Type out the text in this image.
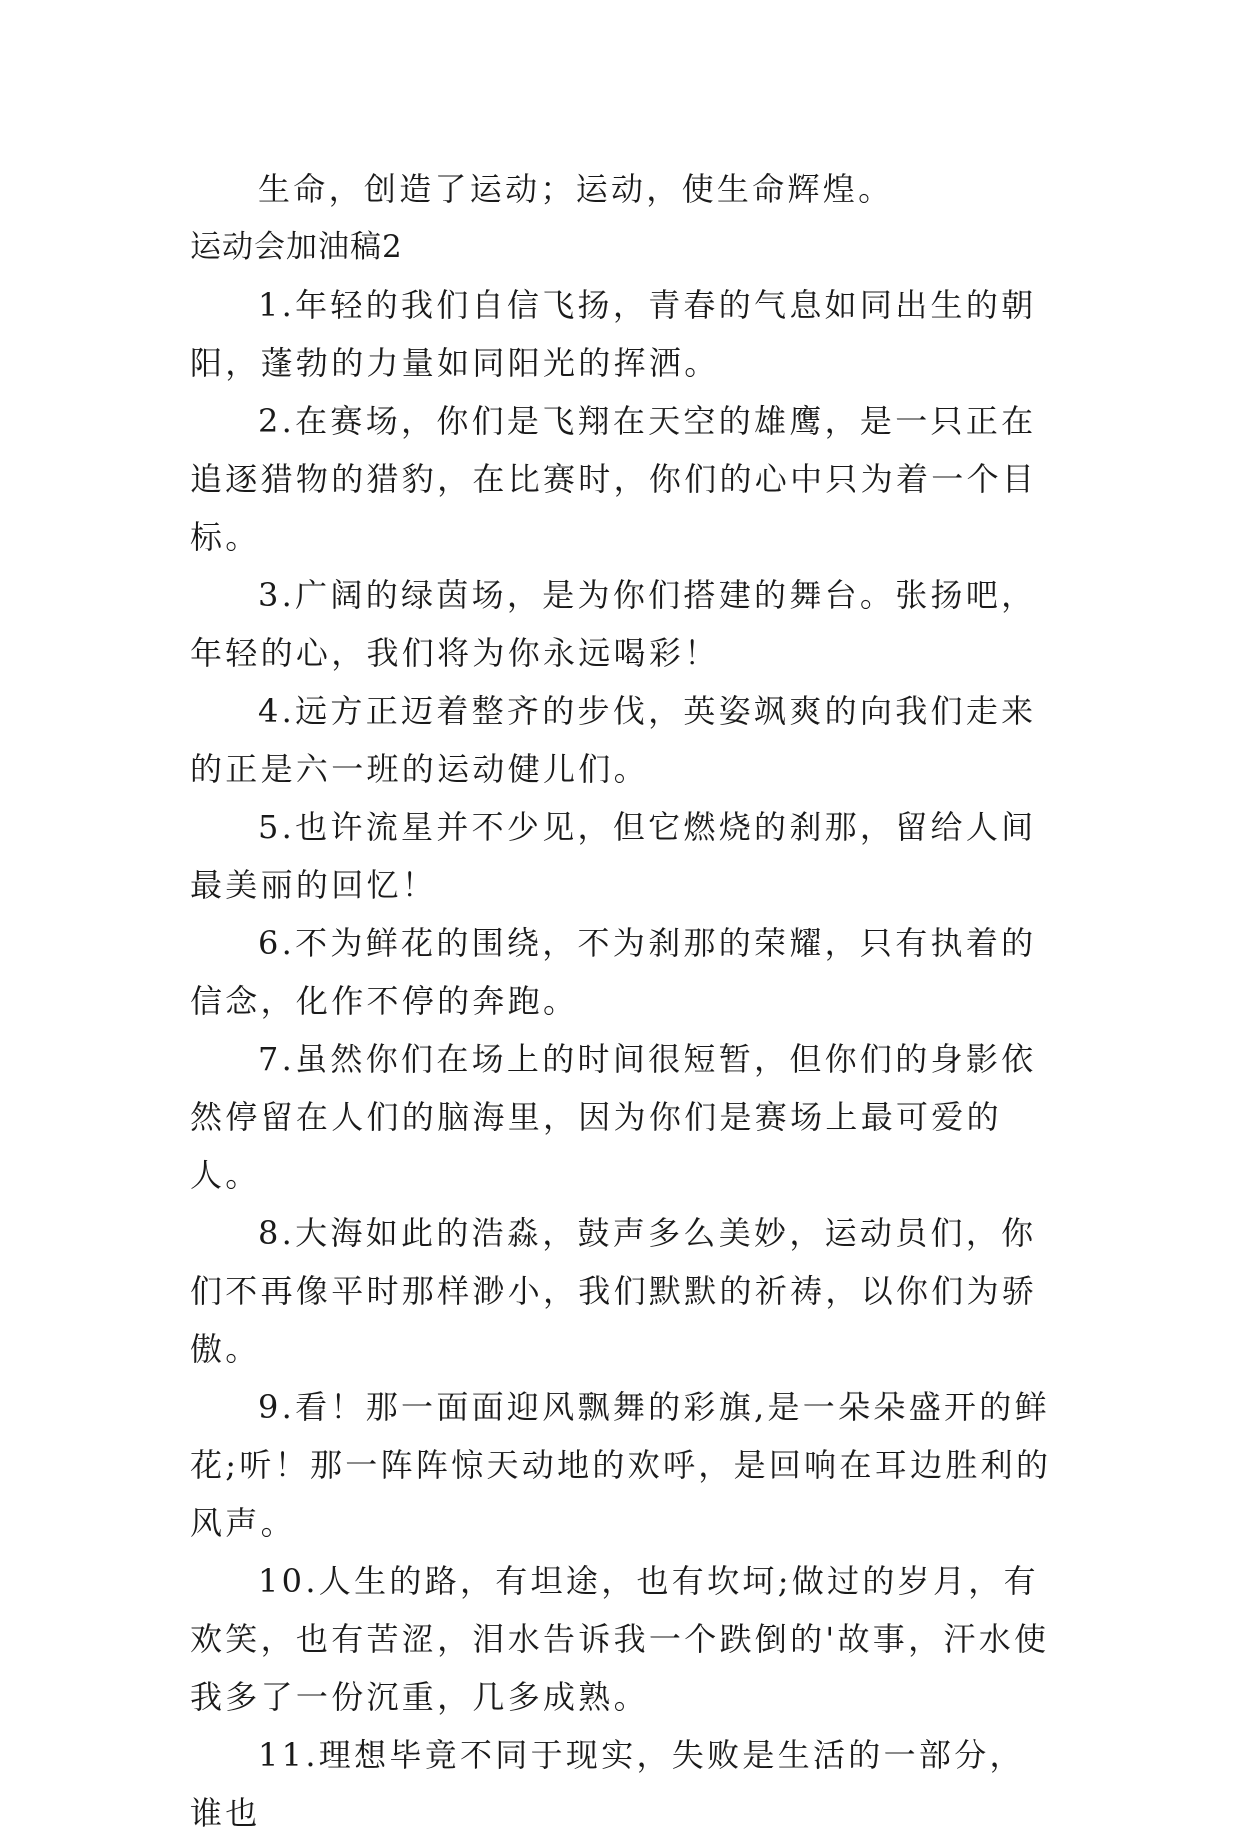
生命，创造了运动；运动，使生命辉煌。

运动会加油稿2

1.年轻的我们自信飞扬，青春的气息如同出生的朝阳，蓬勃的力量如同阳光的挥洒。

2.在赛场，你们是飞翔在天空的雄鹰，是一只正在追逐猎物的猎豹，在比赛时，你们的心中只为着一个目标。

3.广阔的绿茵场，是为你们搭建的舞台。张扬吧，年轻的心，我们将为你永远喝彩！

4.远方正迈着整齐的步伐，英姿飒爽的向我们走来的正是六一班的运动健儿们。

5.也许流星并不少见，但它燃烧的刹那，留给人间最美丽的回忆！

6.不为鲜花的围绕，不为刹那的荣耀，只有执着的信念，化作不停的奔跑。

7.虽然你们在场上的时间很短暂，但你们的身影依然停留在人们的脑海里，因为你们是赛场上最可爱的人。

8.大海如此的浩淼，鼓声多么美妙，运动员们，你们不再像平时那样渺小，我们默默的祈祷，以你们为骄傲。

9.看！那一面面迎风飘舞的彩旗,是一朵朵盛开的鲜花;听！那一阵阵惊天动地的欢呼，是回响在耳边胜利的风声。

10.人生的路，有坦途，也有坎坷;做过的岁月，有欢笑，也有苦涩，泪水告诉我一个跌倒的'故事，汗水使我多了一份沉重，几多成熟。

11.理想毕竟不同于现实，失败是生活的一部分，谁也
